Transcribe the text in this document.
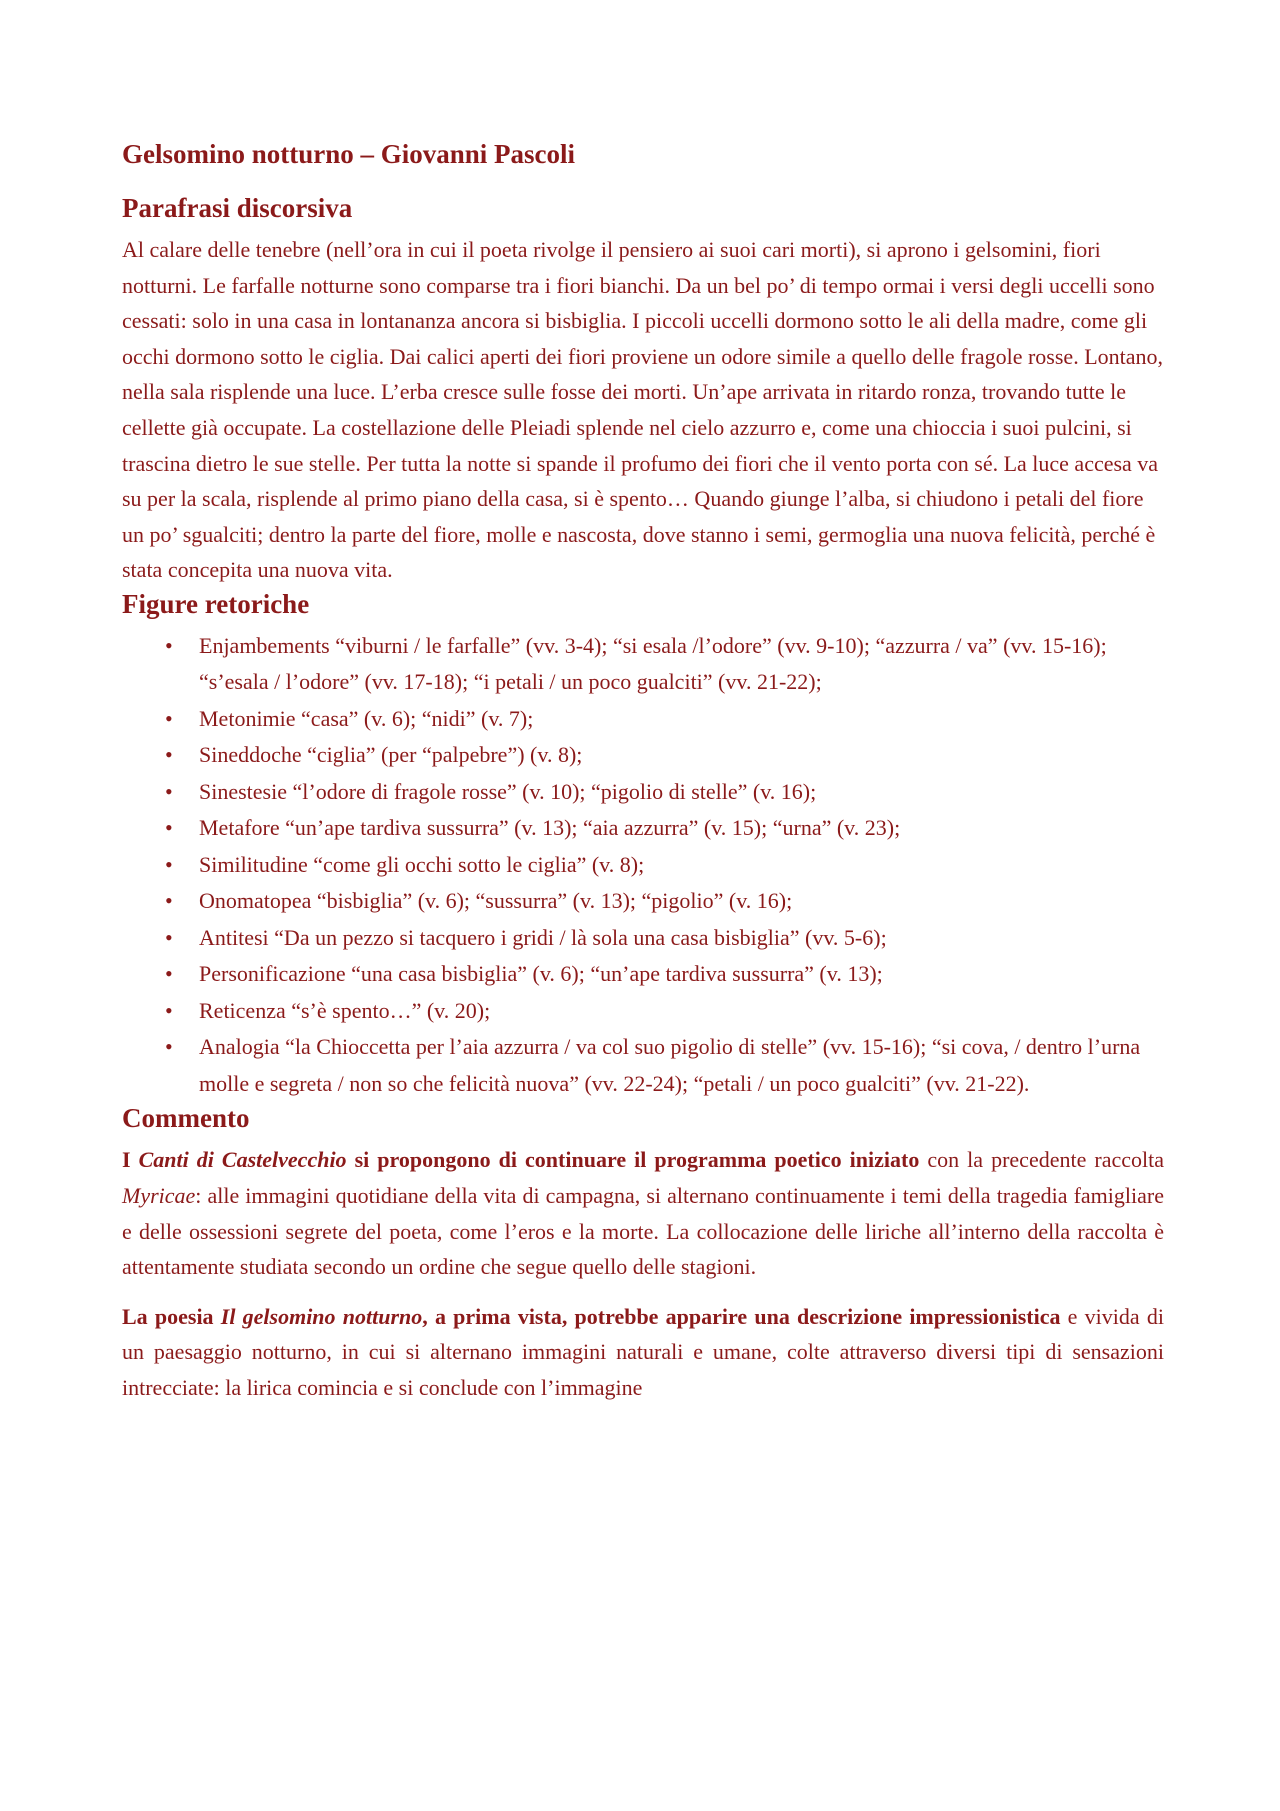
Gelsomino notturno – Giovanni Pascoli
Parafrasi discorsiva

Al calare delle tenebre (nell’ora in cui il poeta rivolge il pensiero ai suoi cari morti), si aprono i gelsomini, fiori notturni. Le farfalle notturne sono comparse tra i fiori bianchi. Da un bel po’ di tempo ormai i versi degli uccelli sono cessati: solo in una casa in lontananza ancora si bisbiglia. I piccoli uccelli dormono sotto le ali della madre, come gli occhi dormono sotto le ciglia. Dai calici aperti dei fiori proviene un odore simile a quello delle fragole rosse. Lontano, nella sala risplende una luce. L’erba cresce sulle fosse dei morti. Un’ape arrivata in ritardo ronza, trovando tutte le cellette già occupate. La costellazione delle Pleiadi splende nel cielo azzurro e, come una chioccia i suoi pulcini, si trascina dietro le sue stelle. Per tutta la notte si spande il profumo dei fiori che il vento porta con sé. La luce accesa va su per la scala, risplende al primo piano della casa, si è spento… Quando giunge l’alba, si chiudono i petali del fiore un po’ sgualciti; dentro la parte del fiore, molle e nascosta, dove stanno i semi, germoglia una nuova felicità, perché è stata concepita una nuova vita.

Figure retoriche
• Enjambements “viburni / le farfalle” (vv. 3-4); “si esala /l’odore” (vv. 9-10); “azzurra / va” (vv. 15-16); “s’esala / l’odore” (vv. 17-18); “i petali / un poco gualciti” (vv. 21-22);
• Metonimie “casa” (v. 6); “nidi” (v. 7);
• Sineddoche “ciglia” (per “palpebre”) (v. 8);
• Sinestesie “l’odore di fragole rosse” (v. 10); “pigolio di stelle” (v. 16);
• Metafore “un’ape tardiva sussurra” (v. 13); “aia azzurra” (v. 15); “urna” (v. 23);
• Similitudine “come gli occhi sotto le ciglia” (v. 8);
• Onomatopea “bisbiglia” (v. 6); “sussurra” (v. 13); “pigolio” (v. 16);
• Antitesi “Da un pezzo si tacquero i gridi / là sola una casa bisbiglia” (vv. 5-6);
• Personificazione “una casa bisbiglia” (v. 6); “un’ape tardiva sussurra” (v. 13);
• Reticenza “s’è spento…” (v. 20);
• Analogia “la Chioccetta per l’aia azzurra / va col suo pigolio di stelle” (vv. 15-16); “si cova, / dentro l’urna molle e segreta / non so che felicità nuova” (vv. 22-24); “petali / un poco gualciti” (vv. 21-22).
Commento

I Canti di Castelvecchio si propongono di continuare il programma poetico iniziato con la precedente raccolta Myricae: alle immagini quotidiane della vita di campagna, si alternano continuamente i temi della tragedia famigliare e delle ossessioni segrete del poeta, come l’eros e la morte. La collocazione delle liriche all’interno della raccolta è attentamente studiata secondo un ordine che segue quello delle stagioni.

La poesia Il gelsomino notturno, a prima vista, potrebbe apparire una descrizione impressionistica e vivida di un paesaggio notturno, in cui si alternano immagini naturali e umane, colte attraverso diversi tipi di sensazioni intrecciate: la lirica comincia e si conclude con l’immagine
